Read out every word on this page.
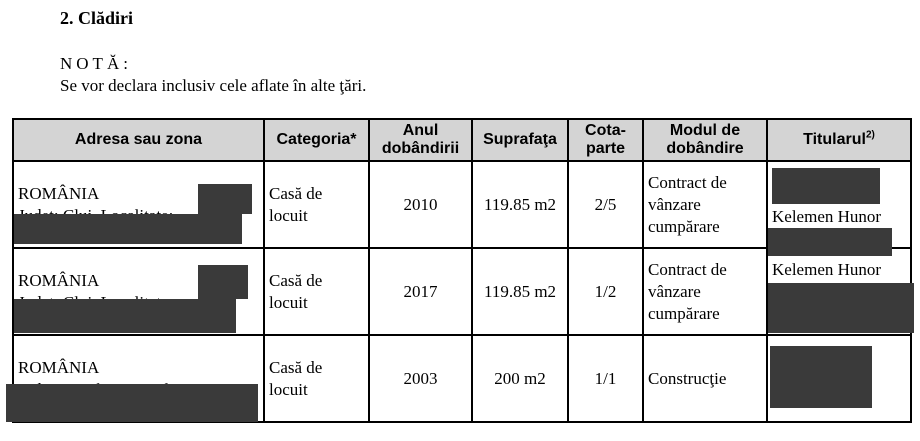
2. Clădiri
NOTĂ:
Se vor declara inclusiv cele aflate în alte ţări.
Adresa sau zona	Categoria*	Anul dobândirii	Suprafaţa	Cota-parte	Modul de dobândire	Titularul$^{2)}$

ROMÂNIA	Casă de locuit	2010	119.85 m2	2/5	Contract de vânzare cumpărare	Kelemen Hunor

ROMÂNIA	Casă de locuit	2017	119.85 m2	1/2	Contract de vânzare cumpărare	Kelemen Hunor

ROMÂNIA	Casă de locuit	2003	200 m2	1/1	Construcţie	
